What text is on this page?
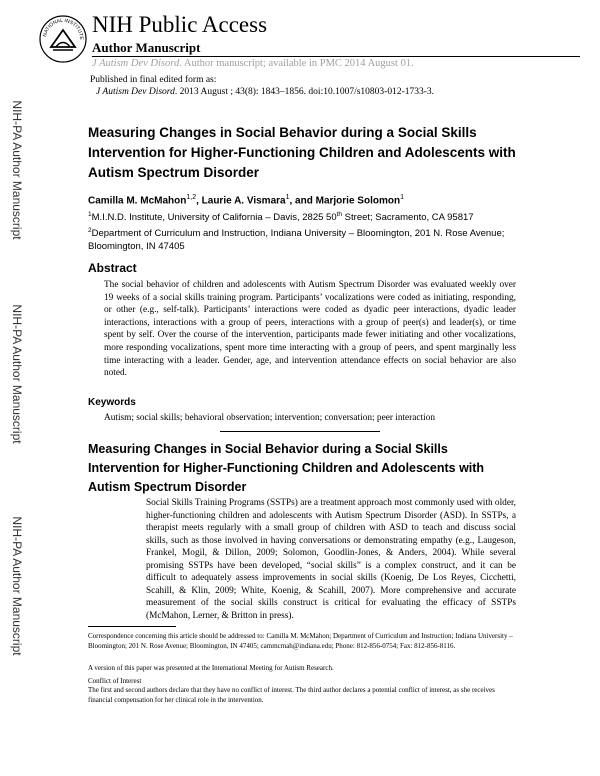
NATIONAL INSTITUTE
NIH Public Access
Author Manuscript
J Autism Dev Disord. Author manuscript; available in PMC 2014 August 01.
Published in final edited form as:
J Autism Dev Disord. 2013 August ; 43(8): 1843–1856. doi:10.1007/s10803-012-1733-3.
NIH-PA Author Manuscript
NIH-PA Author Manuscript
NIH-PA Author Manuscript
Measuring Changes in Social Behavior during a Social Skills Intervention for Higher-Functioning Children and Adolescents with Autism Spectrum Disorder
Camilla M. McMahon$^{1,2}$, Laurie A. Vismara$^1$, and Marjorie Solomon$^1$
$^1$M.I.N.D. Institute, University of California – Davis, 2825 50th Street; Sacramento, CA 95817
$^2$Department of Curriculum and Instruction, Indiana University – Bloomington, 201 N. Rose Avenue; Bloomington, IN 47405
Abstract
The social behavior of children and adolescents with Autism Spectrum Disorder was evaluated weekly over 19 weeks of a social skills training program. Participants’ vocalizations were coded as initiating, responding, or other (e.g., self-talk). Participants’ interactions were coded as dyadic peer interactions, dyadic leader interactions, interactions with a group of peers, interactions with a group of peer(s) and leader(s), or time spent by self. Over the course of the intervention, participants made fewer initiating and other vocalizations, more responding vocalizations, spent more time interacting with a group of peers, and spent marginally less time interacting with a leader. Gender, age, and intervention attendance effects on social behavior are also noted.
Keywords
Autism; social skills; behavioral observation; intervention; conversation; peer interaction
Measuring Changes in Social Behavior during a Social Skills Intervention for Higher-Functioning Children and Adolescents with Autism Spectrum Disorder
Social Skills Training Programs (SSTPs) are a treatment approach most commonly used with older, higher-functioning children and adolescents with Autism Spectrum Disorder (ASD). In SSTPs, a therapist meets regularly with a small group of children with ASD to teach and discuss social skills, such as those involved in having conversations or demonstrating empathy (e.g., Laugeson, Frankel, Mogil, & Dillon, 2009; Solomon, Goodlin-Jones, & Anders, 2004). While several promising SSTPs have been developed, “social skills” is a complex construct, and it can be difficult to adequately assess improvements in social skills (Koenig, De Los Reyes, Cicchetti, Scahill, & Klin, 2009; White, Koenig, & Scahill, 2007). More comprehensive and accurate measurement of the social skills construct is critical for evaluating the efficacy of SSTPs (McMahon, Lerner, & Britton in press).
Correspondence concerning this article should be addressed to: Camilla M. McMahon; Department of Curriculum and Instruction; Indiana University – Bloomington; 201 N. Rose Avenue; Bloomington, IN 47405; cammcmah@indiana.edu; Phone: 812-856-0754; Fax: 812-856-8116.
A version of this paper was presented at the International Meeting for Autism Research.
Conflict of Interest
The first and second authors declare that they have no conflict of interest. The third author declares a potential conflict of interest, as she receives financial compensation for her clinical role in the intervention.
